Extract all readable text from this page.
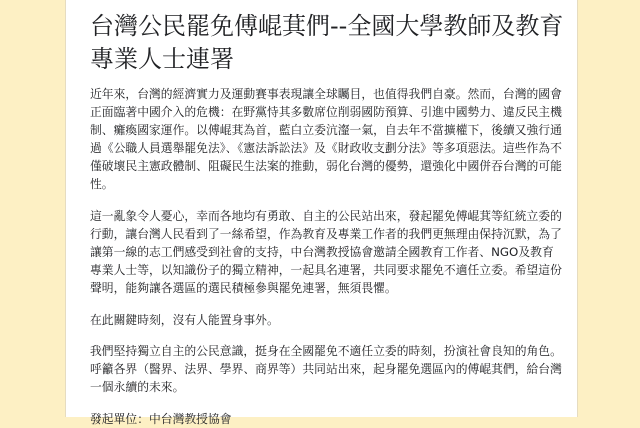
台灣公民罷免傅崐萁們--全國大學教師及教育專業人士連署

近年來，台灣的經濟實力及運動賽事表現讓全球矚目，也值得我們自豪。然而，台灣的國會正面臨著中國介入的危機：在野黨恃其多數席位削弱國防預算、引進中國勢力、違反民主機制、癱瘓國家運作。以傅崐萁為首，藍白立委沆瀣一氣，自去年不當擴權下，後續又強行通過《公職人員選舉罷免法》、《憲法訴訟法》及《財政收支劃分法》等多項惡法。這些作為不僅破壞民主憲政體制、阻礙民生法案的推動，弱化台灣的優勢，還強化中國併吞台灣的可能性。

這一亂象令人憂心，幸而各地均有勇敢、自主的公民站出來，發起罷免傅崐萁等紅統立委的行動，讓台灣人民看到了一絲希望，作為教育及專業工作者的我們更無理由保持沉默，為了讓第一線的志工們感受到社會的支持，中台灣教授協會邀請全國教育工作者、NGO及教育專業人士等，以知識份子的獨立精神，一起具名連署，共同要求罷免不適任立委。希望這份聲明，能夠讓各選區的選民積極參與罷免連署，無須畏懼。

在此關鍵時刻，沒有人能置身事外。

我們堅持獨立自主的公民意識，挺身在全國罷免不適任立委的時刻，扮演社會良知的角色。呼籲各界（醫界、法界、學界、商界等）共同站出來，起身罷免選區內的傅崐萁們，給台灣一個永續的未來。

發起單位：中台灣教授協會
